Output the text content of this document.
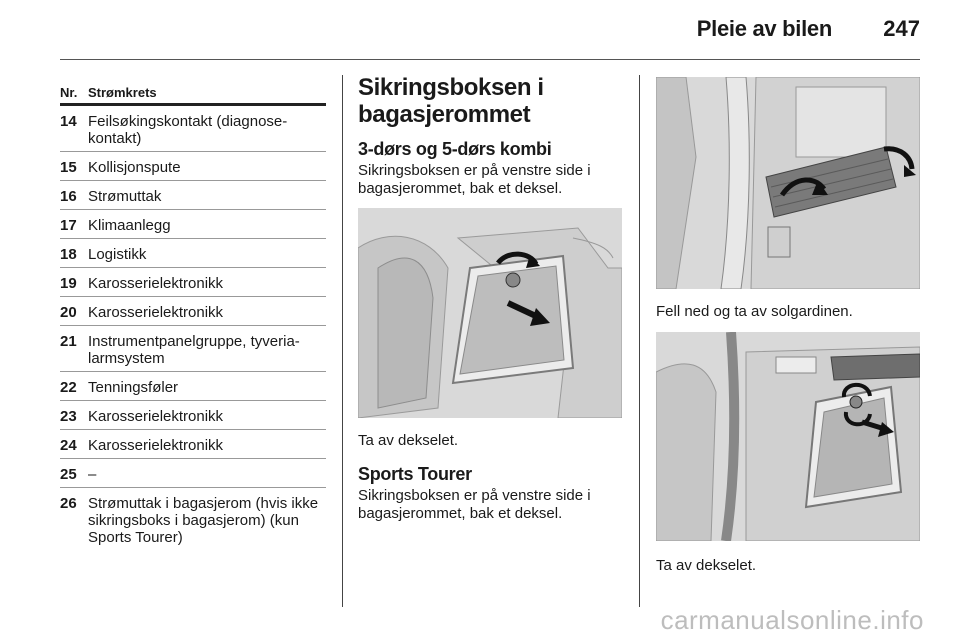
Pleie av bilen 247
Nr. Strømkrets
14 Feilsøkingskontakt (diagnose-kontakt)
15 Kollisjonspute
16 Strømuttak
17 Klimaanlegg
18 Logistikk
19 Karosserielektronikk
20 Karosserielektronikk
21 Instrumentpanelgruppe, tyveria-larmsystem
22 Tenningsføler
23 Karosserielektronikk
24 Karosserielektronikk
25 –
26 Strømuttak i bagasjerom (hvis ikke sikringsboks i bagasjerom) (kun Sports Tourer)
Sikringsboksen i bagasjerommet
3-dørs og 5-dørs kombi
Sikringsboksen er på venstre side i bagasjerommet, bak et deksel.
Ta av dekselet.
Sports Tourer
Sikringsboksen er på venstre side i bagasjerommet, bak et deksel.
Fell ned og ta av solgardinen.
Ta av dekselet.
carmanualsonline.info
